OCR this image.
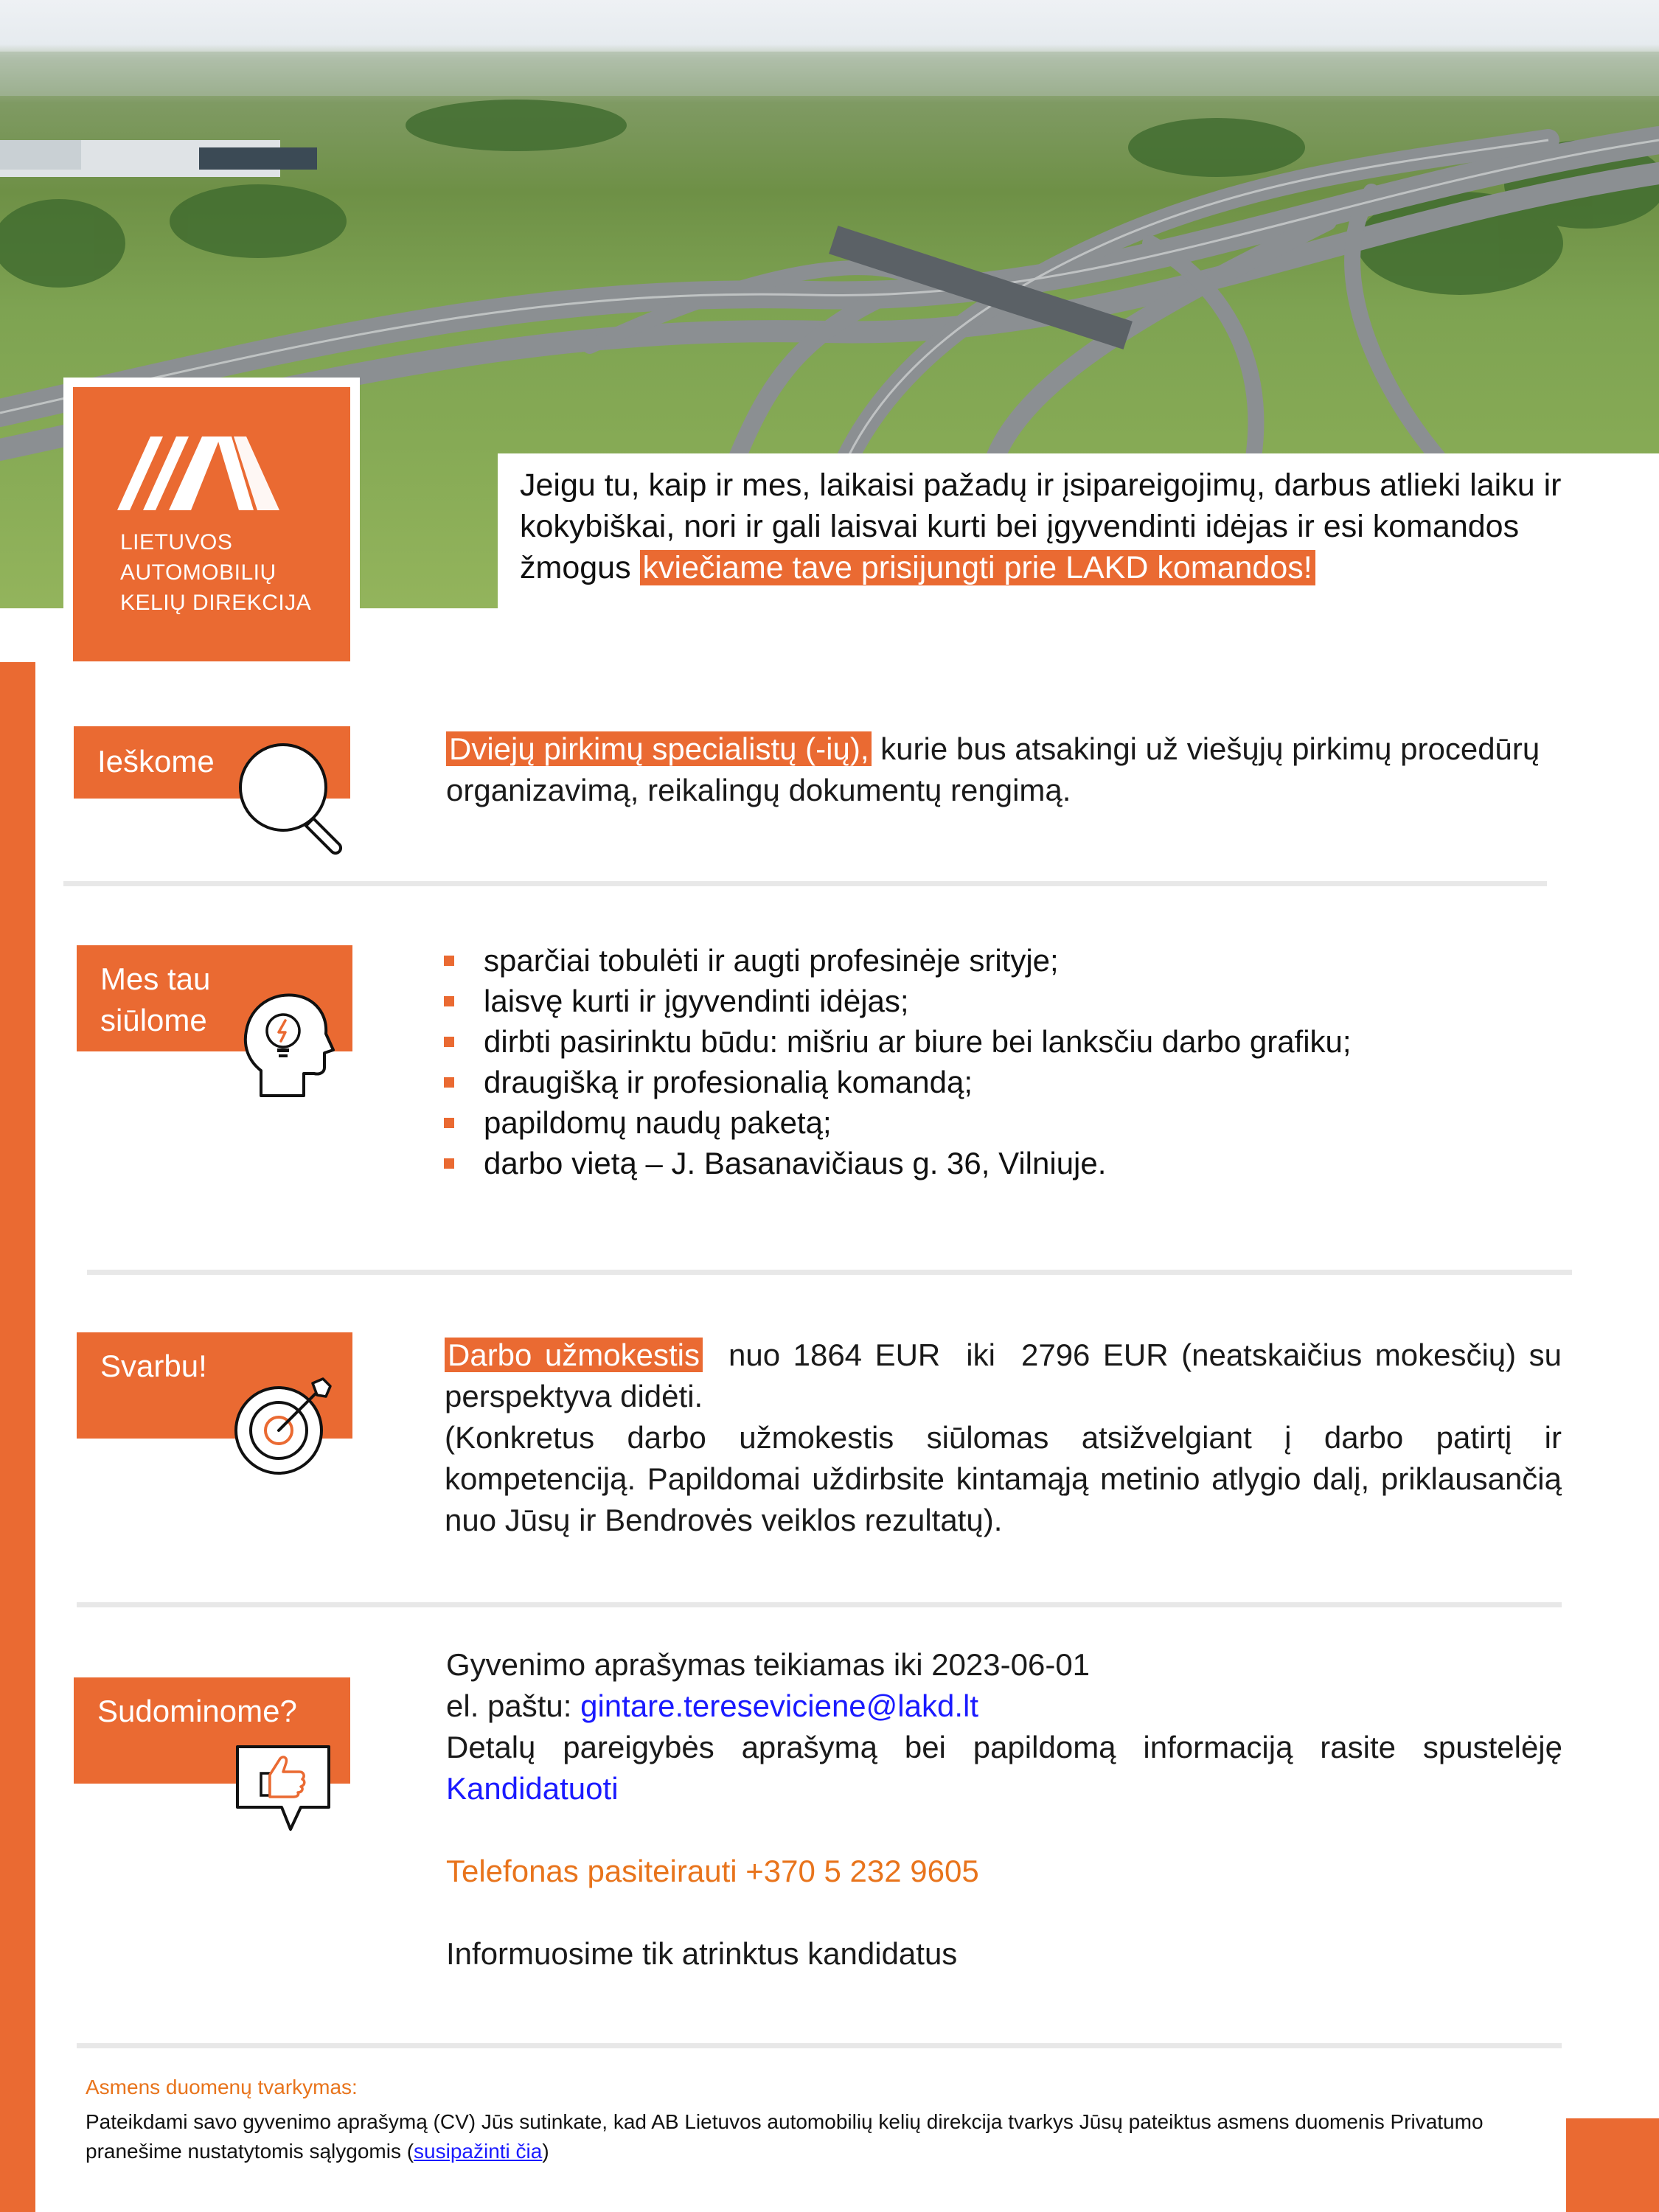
Jeigu tu, kaip ir mes, laikaisi pažadų ir įsipareigojimų, darbus atlieki laiku ir kokybiškai, nori ir gali laisvai kurti bei įgyvendinti idėjas ir esi komandos žmogus kviečiame tave prisijungti prie LAKD komandos!
LIETUVOS
AUTOMOBILIŲ
KELIŲ DIREKCIJA
Ieškome	Dviejų pirkimų specialistų (-ių), kurie bus atsakingi už viešųjų pirkimų procedūrų organizavimą, reikalingų dokumentų rengimą.
Mes tau
siūlome
sparčiai tobulėti ir augti profesinėje srityje;
laisvę kurti ir įgyvendinti idėjas;
dirbti pasirinktu būdu: mišriu ar biure bei lanksčiu darbo grafiku;
draugišką ir profesionalią komandą;
papildomų naudų paketą;
darbo vietą – J. Basanavičiaus g. 36, Vilniuje.
Svarbu!	Darbo užmokestis  nuo 1864 EUR  iki  2796 EUR (neatskaičius mokesčių) su perspektyva didėti.
(Konkretus darbo užmokestis siūlomas atsižvelgiant į darbo patirtį ir kompetenciją. Papildomai uždirbsite kintamąją metinio atlygio dalį, priklausančią nuo Jūsų ir Bendrovės veiklos rezultatų).
Sudominome?
Gyvenimo aprašymas teikiamas iki 2023-06-01
el. paštu: gintare.tereseviciene@lakd.lt
Detalų pareigybės aprašymą bei papildomą informaciją rasite spustelėję
Kandidatuoti
Telefonas pasiteirauti +370 5 232 9605
Informuosime tik atrinktus kandidatus
Asmens duomenų tvarkymas:
Pateikdami savo gyvenimo aprašymą (CV) Jūs sutinkate, kad AB Lietuvos automobilių kelių direkcija tvarkys Jūsų pateiktus asmens duomenis Privatumo pranešime nustatytomis sąlygomis (susipažinti čia)
